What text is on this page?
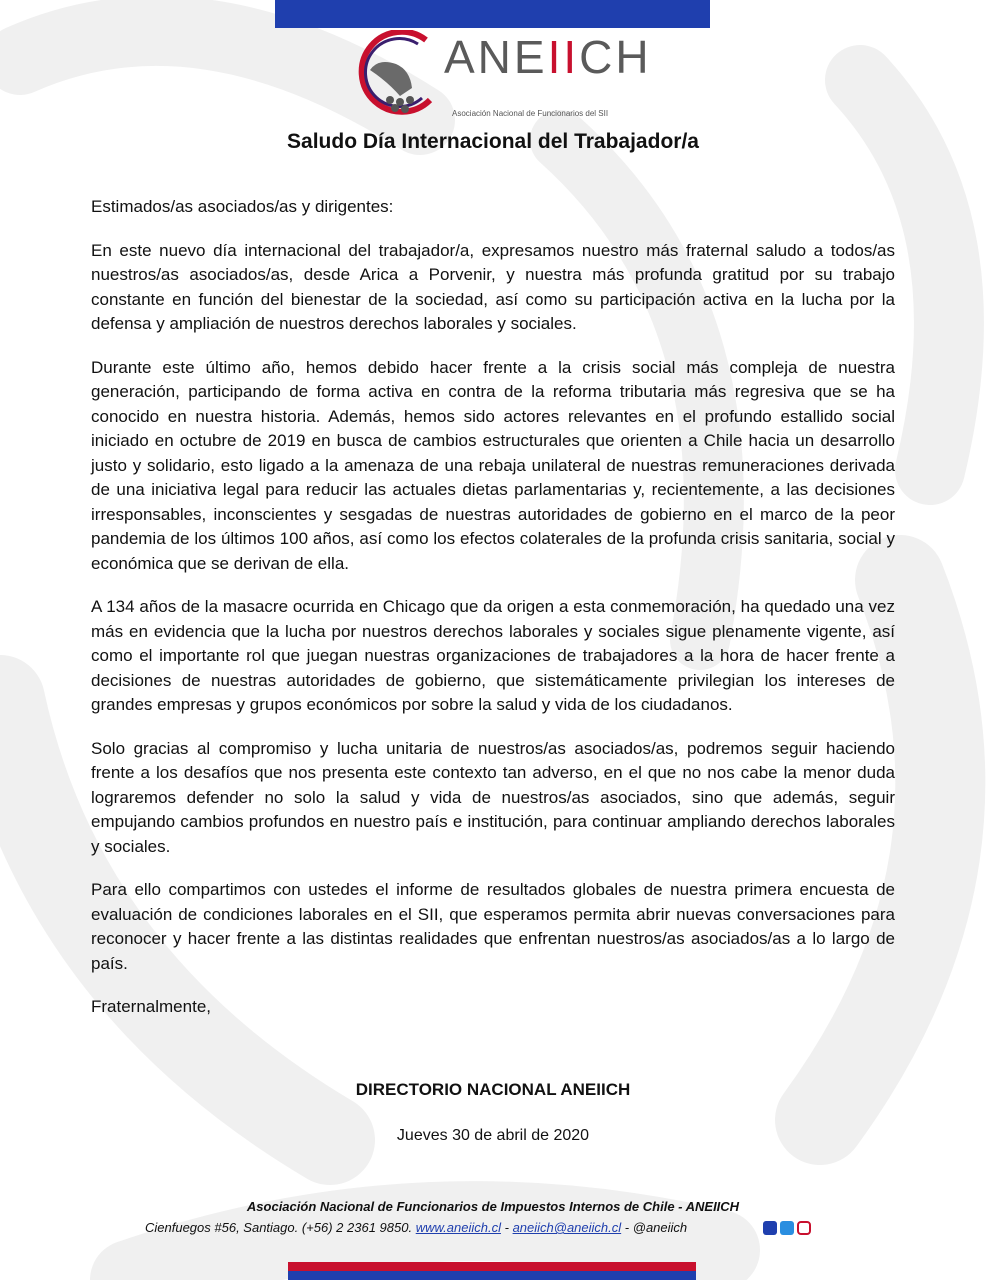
ANEIICH
Asociación Nacional de Funcionarios del SII
Saludo Día Internacional del Trabajador/a

Estimados/as asociados/as y dirigentes:

En este nuevo día internacional del trabajador/a, expresamos nuestro más fraternal saludo a todos/as nuestros/as asociados/as, desde Arica a Porvenir, y nuestra más profunda gratitud por su trabajo constante en función del bienestar de la sociedad, así como su participación activa en la lucha por la defensa y ampliación de nuestros derechos laborales y sociales.

Durante este último año, hemos debido hacer frente a la crisis social más compleja de nuestra generación, participando de forma activa en contra de la reforma tributaria más regresiva que se ha conocido en nuestra historia. Además, hemos sido actores relevantes en el profundo estallido social iniciado en octubre de 2019 en busca de cambios estructurales que orienten a Chile hacia un desarrollo justo y solidario, esto ligado a la amenaza de una rebaja unilateral de nuestras remuneraciones derivada de una iniciativa legal para reducir las actuales dietas parlamentarias y, recientemente, a las decisiones irresponsables, inconscientes y sesgadas de nuestras autoridades de gobierno en el marco de la peor pandemia de los últimos 100 años, así como los efectos colaterales de la profunda crisis sanitaria, social y económica que se derivan de ella.

A 134 años de la masacre ocurrida en Chicago que da origen a esta conmemoración, ha quedado una vez más en evidencia que la lucha por nuestros derechos laborales y sociales sigue plenamente vigente, así como el importante rol que juegan nuestras organizaciones de trabajadores a la hora de hacer frente a decisiones de nuestras autoridades de gobierno, que sistemáticamente privilegian los intereses de grandes empresas y grupos económicos por sobre la salud y vida de los ciudadanos.

Solo gracias al compromiso y lucha unitaria de nuestros/as asociados/as, podremos seguir haciendo frente a los desafíos que nos presenta este contexto tan adverso, en el que no nos cabe la menor duda lograremos defender no solo la salud y vida de nuestros/as asociados, sino que además, seguir empujando cambios profundos en nuestro país e institución, para continuar ampliando derechos laborales y sociales.

Para ello compartimos con ustedes el informe de resultados globales de nuestra primera encuesta de evaluación de condiciones laborales en el SII, que esperamos permita abrir nuevas conversaciones para reconocer y hacer frente a las distintas realidades que enfrentan nuestros/as asociados/as a lo largo de país.

Fraternalmente,

DIRECTORIO NACIONAL ANEIICH
Jueves 30 de abril de 2020
Asociación Nacional de Funcionarios de Impuestos Internos de Chile - ANEIICH
Cienfuegos #56, Santiago. (+56) 2 2361 9850. www.aneiich.cl - aneiich@aneiich.cl - @aneiich
